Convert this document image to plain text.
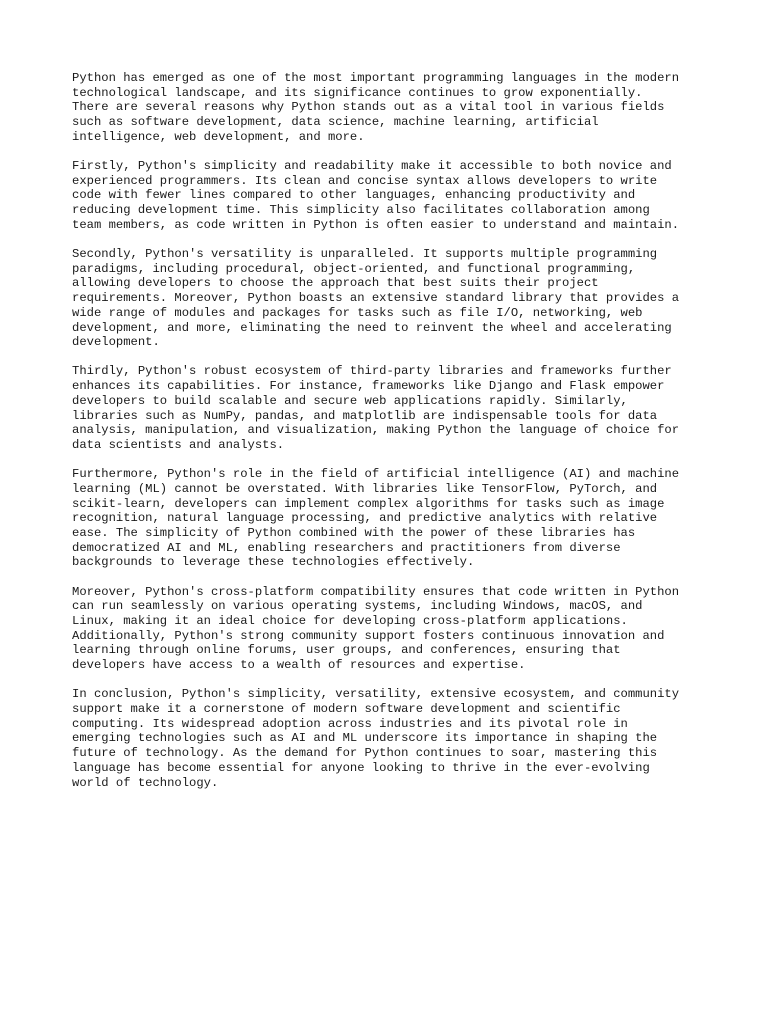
Python has emerged as one of the most important programming languages in the modern
technological landscape, and its significance continues to grow exponentially.
There are several reasons why Python stands out as a vital tool in various fields
such as software development, data science, machine learning, artificial
intelligence, web development, and more.

Firstly, Python's simplicity and readability make it accessible to both novice and
experienced programmers. Its clean and concise syntax allows developers to write
code with fewer lines compared to other languages, enhancing productivity and
reducing development time. This simplicity also facilitates collaboration among
team members, as code written in Python is often easier to understand and maintain.

Secondly, Python's versatility is unparalleled. It supports multiple programming
paradigms, including procedural, object-oriented, and functional programming,
allowing developers to choose the approach that best suits their project
requirements. Moreover, Python boasts an extensive standard library that provides a
wide range of modules and packages for tasks such as file I/O, networking, web
development, and more, eliminating the need to reinvent the wheel and accelerating
development.

Thirdly, Python's robust ecosystem of third-party libraries and frameworks further
enhances its capabilities. For instance, frameworks like Django and Flask empower
developers to build scalable and secure web applications rapidly. Similarly,
libraries such as NumPy, pandas, and matplotlib are indispensable tools for data
analysis, manipulation, and visualization, making Python the language of choice for
data scientists and analysts.

Furthermore, Python's role in the field of artificial intelligence (AI) and machine
learning (ML) cannot be overstated. With libraries like TensorFlow, PyTorch, and
scikit-learn, developers can implement complex algorithms for tasks such as image
recognition, natural language processing, and predictive analytics with relative
ease. The simplicity of Python combined with the power of these libraries has
democratized AI and ML, enabling researchers and practitioners from diverse
backgrounds to leverage these technologies effectively.

Moreover, Python's cross-platform compatibility ensures that code written in Python
can run seamlessly on various operating systems, including Windows, macOS, and
Linux, making it an ideal choice for developing cross-platform applications.
Additionally, Python's strong community support fosters continuous innovation and
learning through online forums, user groups, and conferences, ensuring that
developers have access to a wealth of resources and expertise.

In conclusion, Python's simplicity, versatility, extensive ecosystem, and community
support make it a cornerstone of modern software development and scientific
computing. Its widespread adoption across industries and its pivotal role in
emerging technologies such as AI and ML underscore its importance in shaping the
future of technology. As the demand for Python continues to soar, mastering this
language has become essential for anyone looking to thrive in the ever-evolving
world of technology.
